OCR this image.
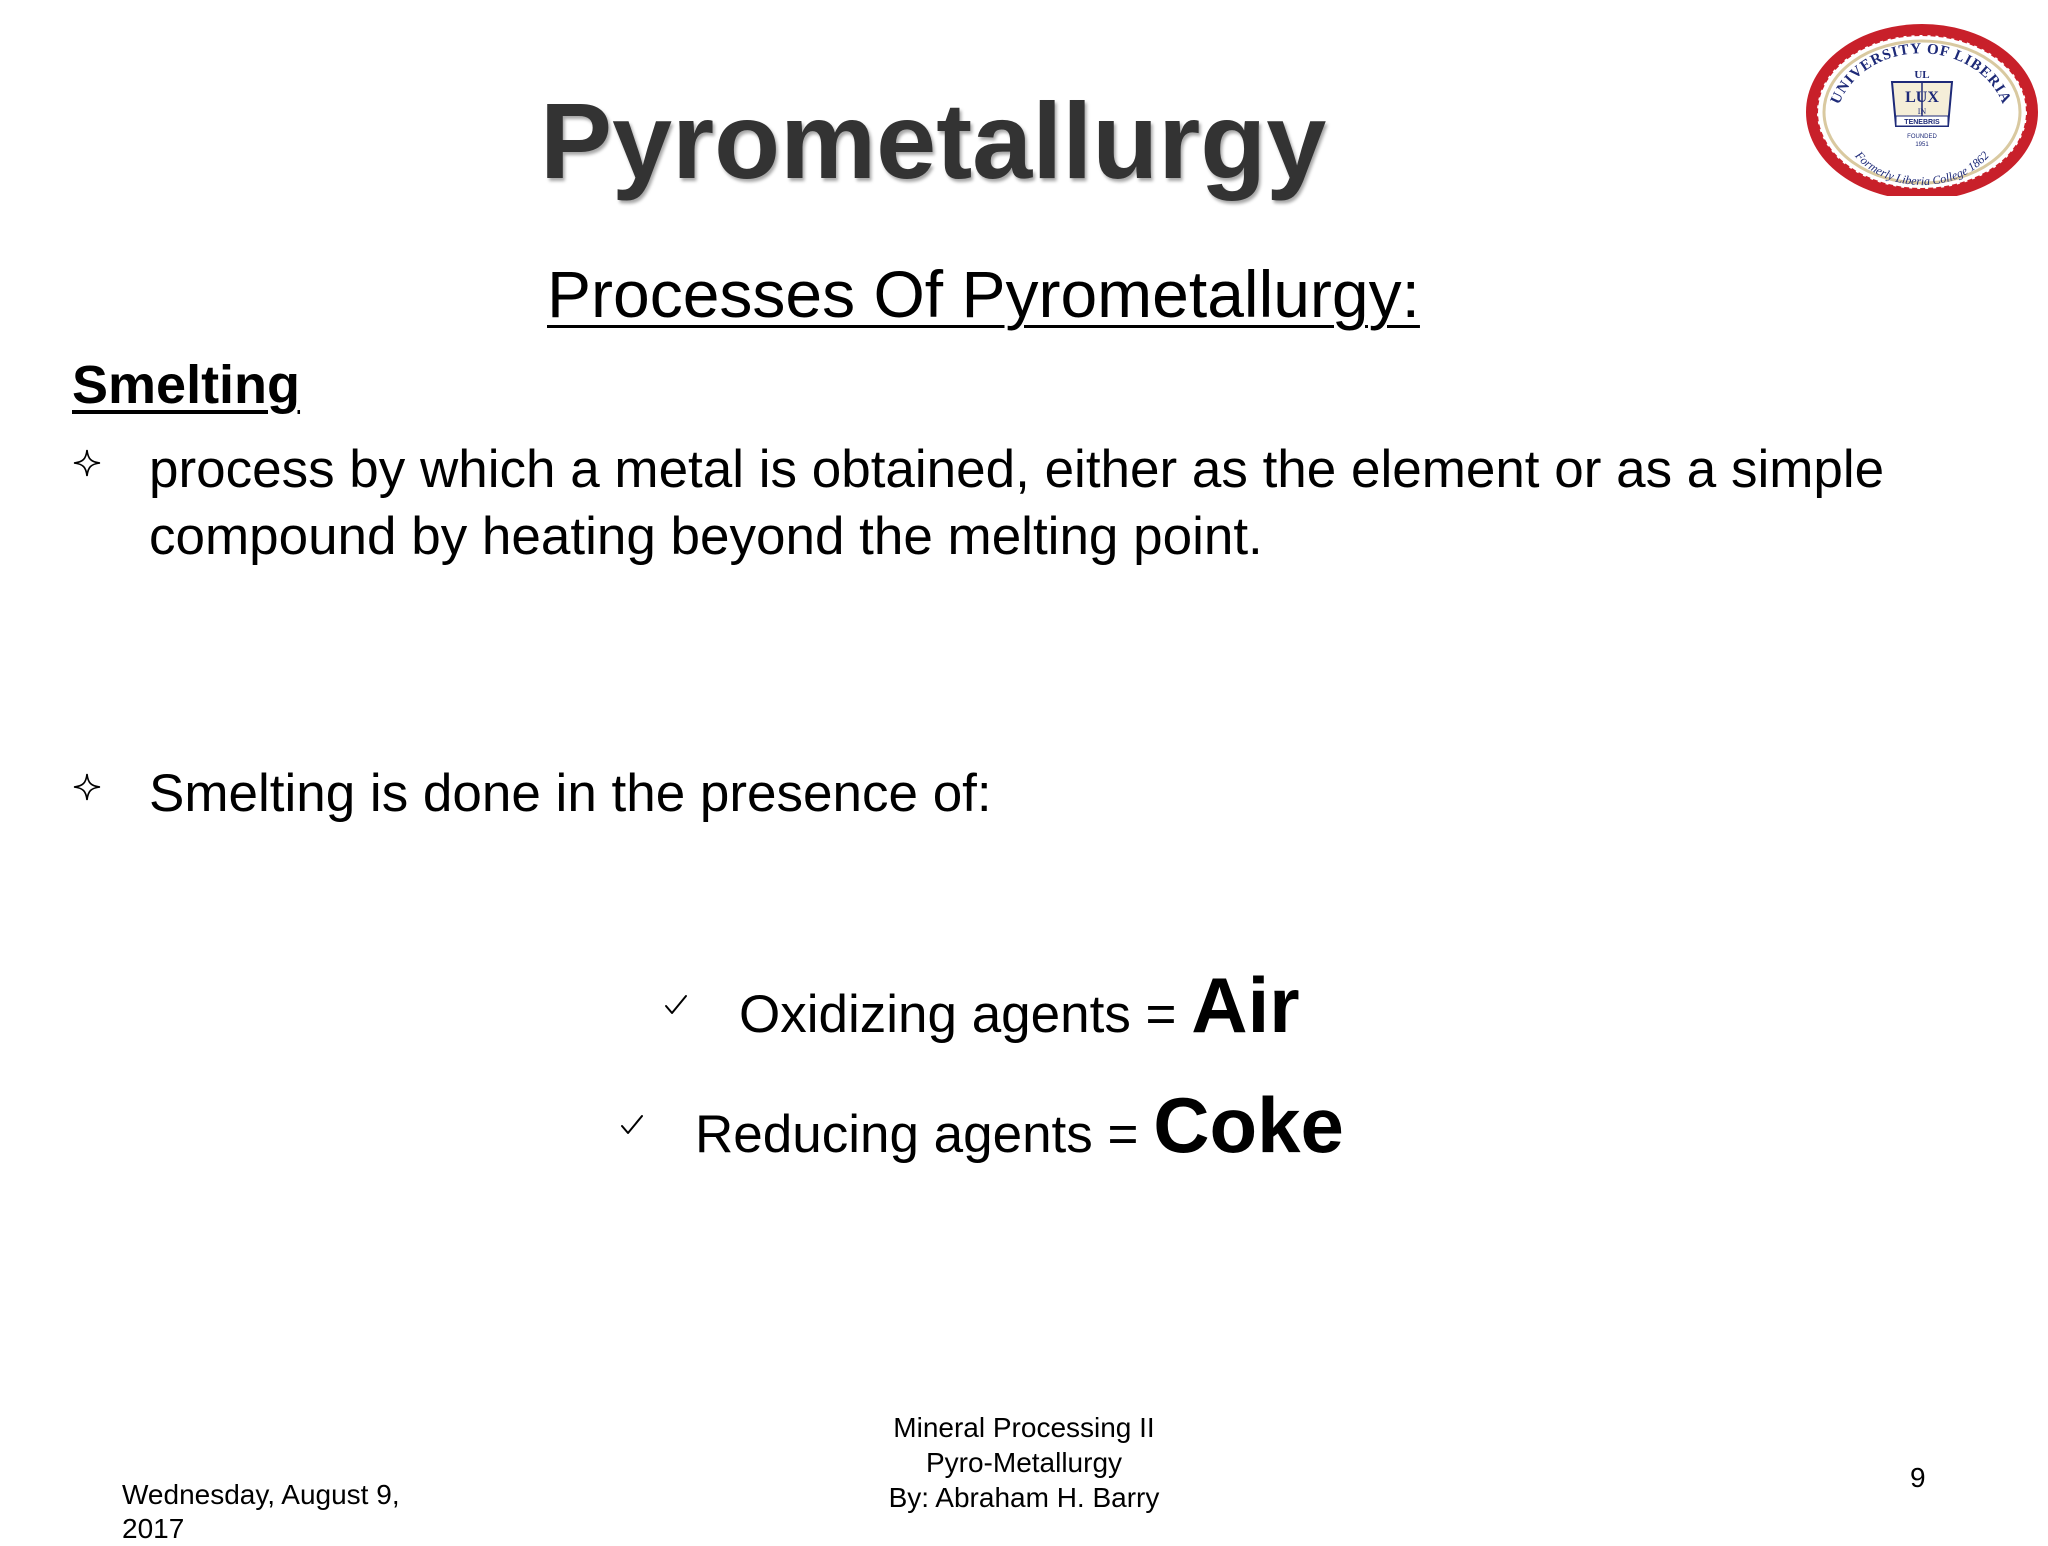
Pyrometallurgy	UNIVERSITY OF LIBERIA
Formerly Liberia College 1862
UL
LUX
IN
TENEBRIS
FOUNDED
1951
Processes Of Pyrometallurgy:
Smelting
process by which a metal is obtained, either as the element or as a simple compound by heating beyond the melting point.
Smelting is done in the presence of:
Oxidizing agents = Air
Reducing agents = Coke
Wednesday, August 9, 2017
Mineral Processing II
Pyro-Metallurgy
By: Abraham H. Barry
9
